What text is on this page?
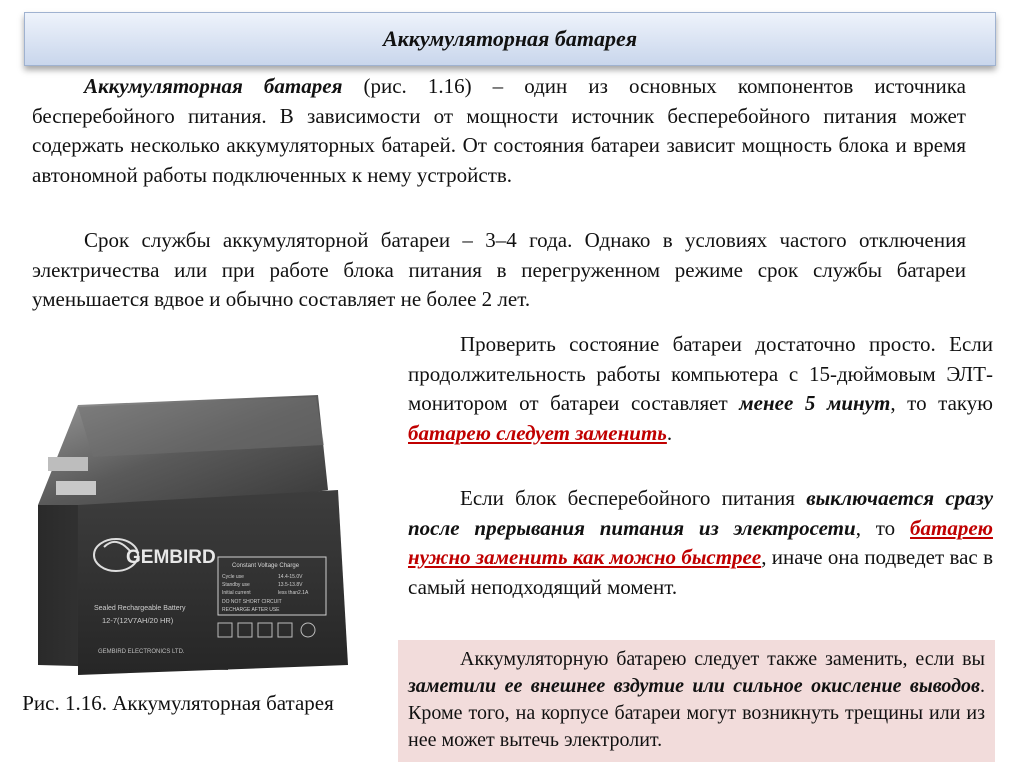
Аккумуляторная батарея

Аккумуляторная батарея (рис. 1.16) – один из основных компонентов источника бесперебойного питания. В зависимости от мощности источник бесперебойного питания может содержать несколько аккумуляторных батарей. От состояния батареи зависит мощность блока и время автономной работы подключенных к нему устройств.

Срок службы аккумуляторной батареи – 3–4 года. Однако в условиях частого отключения электричества или при работе блока питания в перегруженном режиме срок службы батареи уменьшается вдвое и обычно составляет не более 2 лет.

Проверить состояние батареи достаточно просто. Если продолжительность работы компьютера с 15-дюймовым ЭЛТ-монитором от батареи составляет менее 5 минут, то такую батарею следует заменить.

Если блок бесперебойного питания выключается сразу после прерывания питания из электросети, то батарею нужно заменить как можно быстрее, иначе она подведет вас в самый неподходящий момент.

GEMBIRD
Sealed Rechargeable Battery
12-7(12V7AH/20 HR)
GEMBIRD ELECTRONICS LTD.
Constant Voltage Charge
Cycle use	14.4-15.0V
Standby use	13.5-13.8V
Initial current	less than2.1A
DO NOT SHORT CIRCUIT
RECHARGE AFTER USE
Рис. 1.16. Аккумуляторная батарея

Аккумуляторную батарею следует также заменить, если вы заметили ее внешнее вздутие или сильное окисление выводов. Кроме того, на корпусе батареи могут возникнуть трещины или из нее может вытечь электролит.
